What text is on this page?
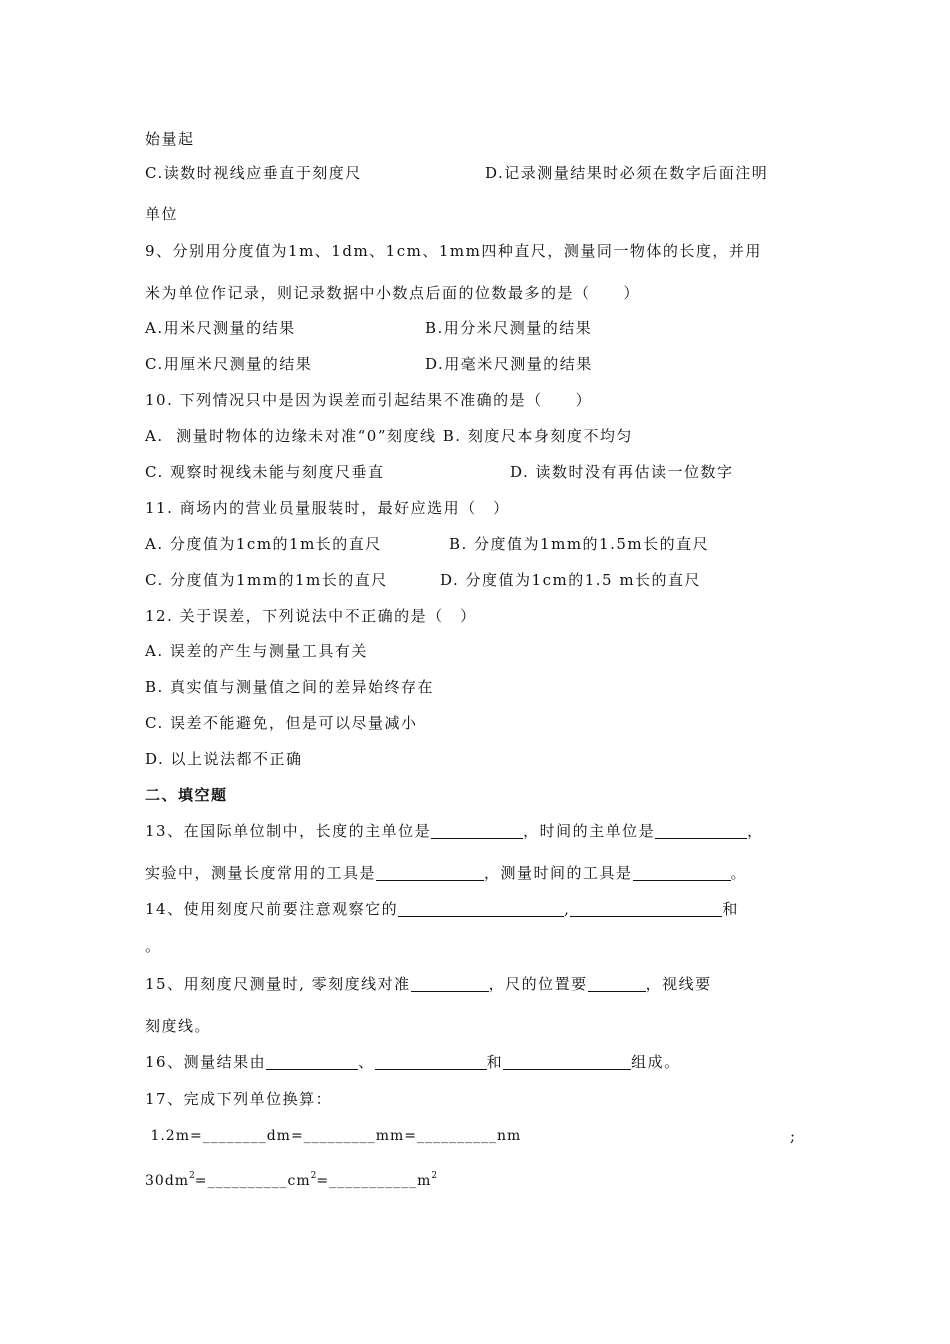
始量起
C.读数时视线应垂直于刻度尺	D.记录测量结果时必须在数字后面注明
单位
9、分别用分度值为1m、1dm、1cm、1mm四种直尺，测量同一物体的长度，并用
米为单位作记录，则记录数据中小数点后面的位数最多的是（　　）
A.用米尺测量的结果	B.用分米尺测量的结果
C.用厘米尺测量的结果	D.用毫米尺测量的结果
10. 下列情况只中是因为误差而引起结果不准确的是（　　）
A.  测量时物体的边缘未对准“0”刻度线 B. 刻度尺本身刻度不均匀
C. 观察时视线未能与刻度尺垂直	D. 读数时没有再估读一位数字
11. 商场内的营业员量服装时，最好应选用（　）
A. 分度值为1cm的1m长的直尺	B. 分度值为1mm的1.5m长的直尺
C. 分度值为1mm的1m长的直尺	D. 分度值为1cm的1.5 m长的直尺
12. 关于误差，下列说法中不正确的是（　）
A. 误差的产生与测量工具有关
B. 真实值与测量值之间的差异始终存在
C. 误差不能避免，但是可以尽量减小
D. 以上说法都不正确
二、填空题
13、在国际单位制中，长度的主单位是	，时间的主单位是	，
实验中，测量长度常用的工具是	，测量时间的工具是	。
14、使用刻度尺前要注意观察它的	,	和
。
15、用刻度尺测量时, 零刻度线对准	，尺的位置要	，视线要
刻度线。
16、测量结果由	、	和	组成。
17、完成下列单位换算：
1.2m=________dm=_________mm=__________nm	;
$30dm^2=\_\_\_\_\_\_\_\_\_\_cm^2=\_\_\_\_\_\_\_\_\_\_\_m^2$
